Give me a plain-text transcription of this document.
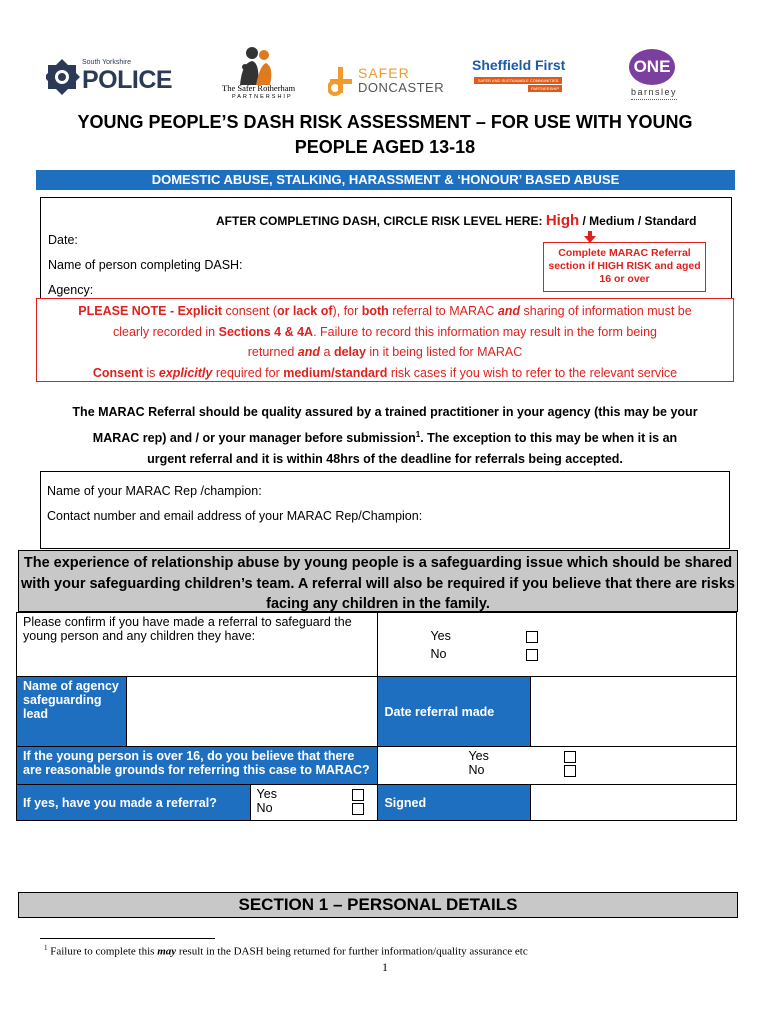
South Yorkshire
POLICE	The Safer Rotherham
PARTNERSHIP
SAFER
DONCASTER
Sheffield First
SAFER AND SUSTAINABLE COMMUNITIES
PARTNERSHIP
ONE
barnsley
YOUNG PEOPLE’S DASH RISK ASSESSMENT – FOR USE WITH YOUNG
PEOPLE AGED 13-18
DOMESTIC ABUSE, STALKING, HARASSMENT & ‘HONOUR’ BASED ABUSE
AFTER COMPLETING DASH, CIRCLE RISK LEVEL HERE: High / Medium / Standard
Date:
Name of person completing DASH:
Agency:
Complete MARAC Referral section if HIGH RISK and aged 16 or over
PLEASE NOTE - Explicit consent (or lack of), for both referral to MARAC and sharing of information must be
clearly recorded in Sections 4 & 4A. Failure to record this information may result in the form being
returned and a delay in it being listed for MARAC
Consent is explicitly required for medium/standard risk cases if you wish to refer to the relevant service
The MARAC Referral should be quality assured by a trained practitioner in your agency (this may be your
MARAC rep) and / or your manager before submission$^1$. The exception to this may be when it is an
urgent referral and it is within 48hrs of the deadline for referrals being accepted.
Name of your MARAC Rep /champion:
Contact number and email address of your MARAC Rep/Champion:
The experience of relationship abuse by young people is a safeguarding issue which should be shared with your safeguarding children’s team. A referral will also be required if you believe that there are risks facing any children in the family.
Please confirm if you have made a referral to safeguard the young person and any children they have:			Yes
No	

Name of agency safeguarding lead			Date referral made	
If the young person is over 16, do you believe that there are reasonable grounds for referring this case to MARAC?			Yes
No	

If yes, have you made a referral?		Yes
No	Signed	
SECTION 1 – PERSONAL DETAILS
$^1$ Failure to complete this may result in the DASH being returned for further information/quality assurance etc
1
